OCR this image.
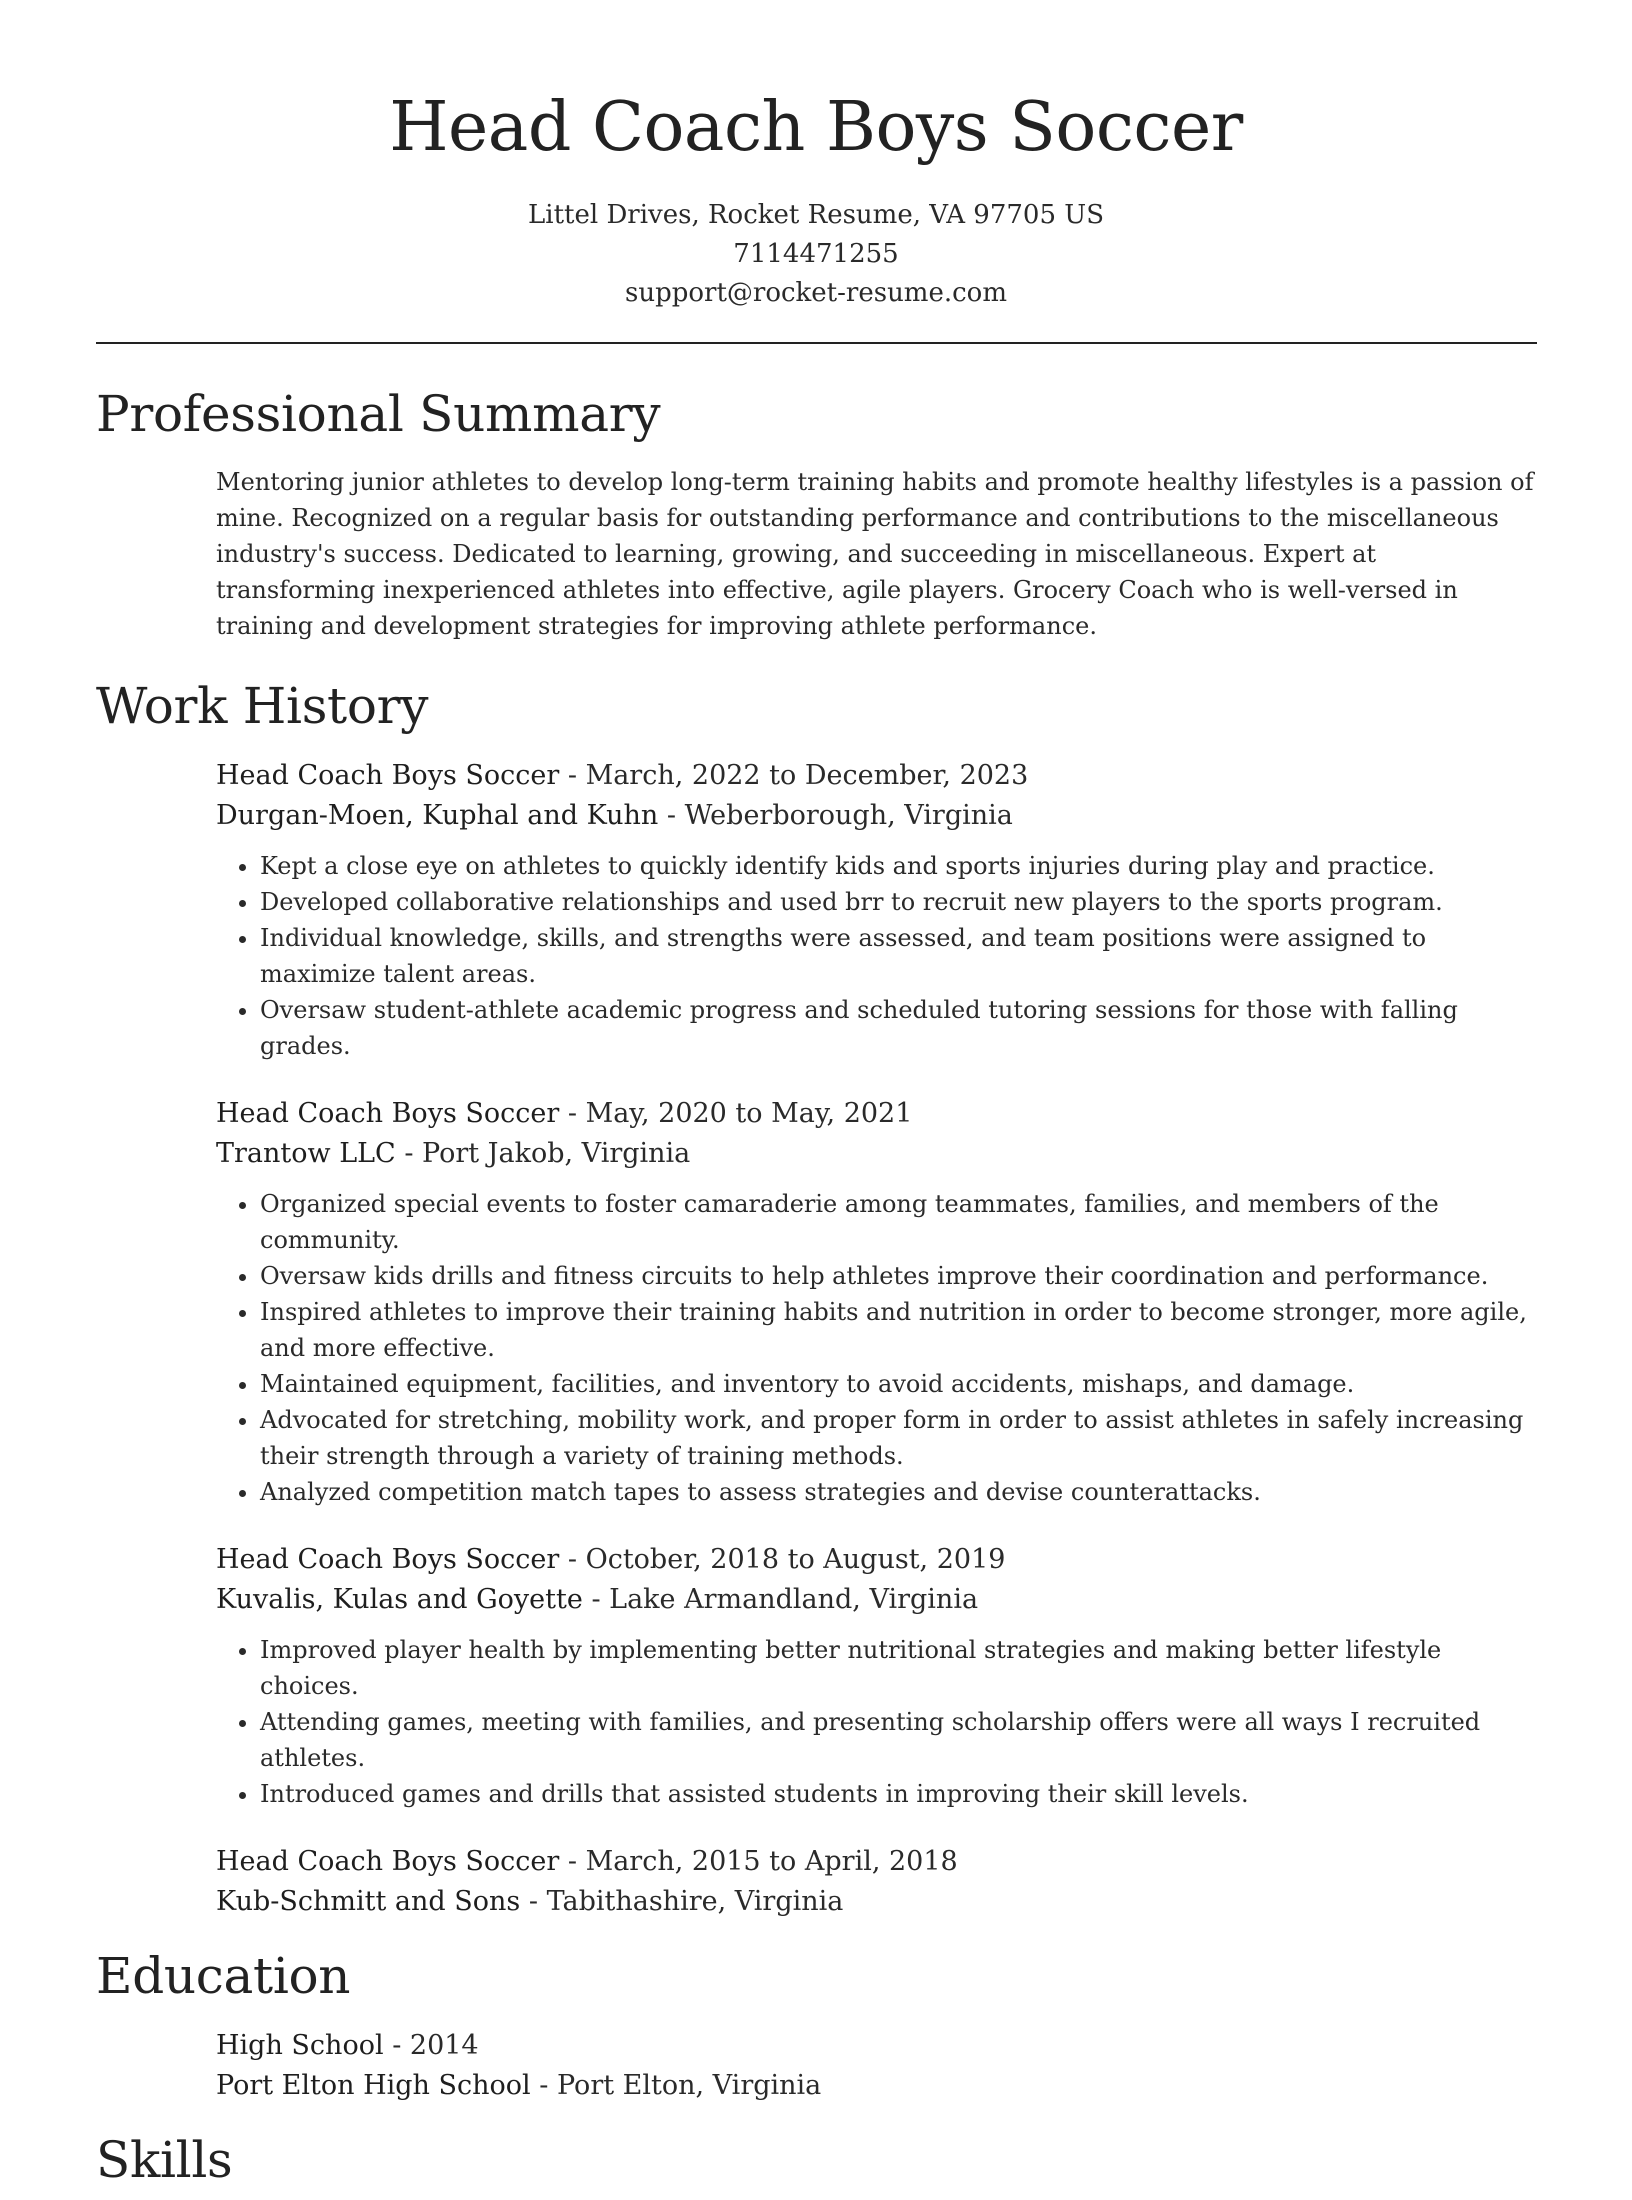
Head Coach Boys Soccer
Littel Drives, Rocket Resume, VA 97705 US
7114471255
support@rocket-resume.com
Professional Summary

Mentoring junior athletes to develop long-term training habits and promote healthy lifestyles is a passion of mine. Recognized on a regular basis for outstanding performance and contributions to the miscellaneous industry's success. Dedicated to learning, growing, and succeeding in miscellaneous. Expert at transforming inexperienced athletes into effective, agile players. Grocery Coach who is well-versed in training and development strategies for improving athlete performance.

Work History
Head Coach Boys Soccer - March, 2022 to December, 2023
Durgan-Moen, Kuphal and Kuhn - Weberborough, Virginia
• Kept a close eye on athletes to quickly identify kids and sports injuries during play and practice.
• Developed collaborative relationships and used brr to recruit new players to the sports program.
• Individual knowledge, skills, and strengths were assessed, and team positions were assigned to maximize talent areas.
• Oversaw student-athlete academic progress and scheduled tutoring sessions for those with falling grades.
Head Coach Boys Soccer - May, 2020 to May, 2021
Trantow LLC - Port Jakob, Virginia
• Organized special events to foster camaraderie among teammates, families, and members of the community.
• Oversaw kids drills and fitness circuits to help athletes improve their coordination and performance.
• Inspired athletes to improve their training habits and nutrition in order to become stronger, more agile, and more effective.
• Maintained equipment, facilities, and inventory to avoid accidents, mishaps, and damage.
• Advocated for stretching, mobility work, and proper form in order to assist athletes in safely increasing their strength through a variety of training methods.
• Analyzed competition match tapes to assess strategies and devise counterattacks.
Head Coach Boys Soccer - October, 2018 to August, 2019
Kuvalis, Kulas and Goyette - Lake Armandland, Virginia
• Improved player health by implementing better nutritional strategies and making better lifestyle choices.
• Attending games, meeting with families, and presenting scholarship offers were all ways I recruited athletes.
• Introduced games and drills that assisted students in improving their skill levels.
Head Coach Boys Soccer - March, 2015 to April, 2018
Kub-Schmitt and Sons - Tabithashire, Virginia
Education
High School - 2014
Port Elton High School - Port Elton, Virginia
Skills
